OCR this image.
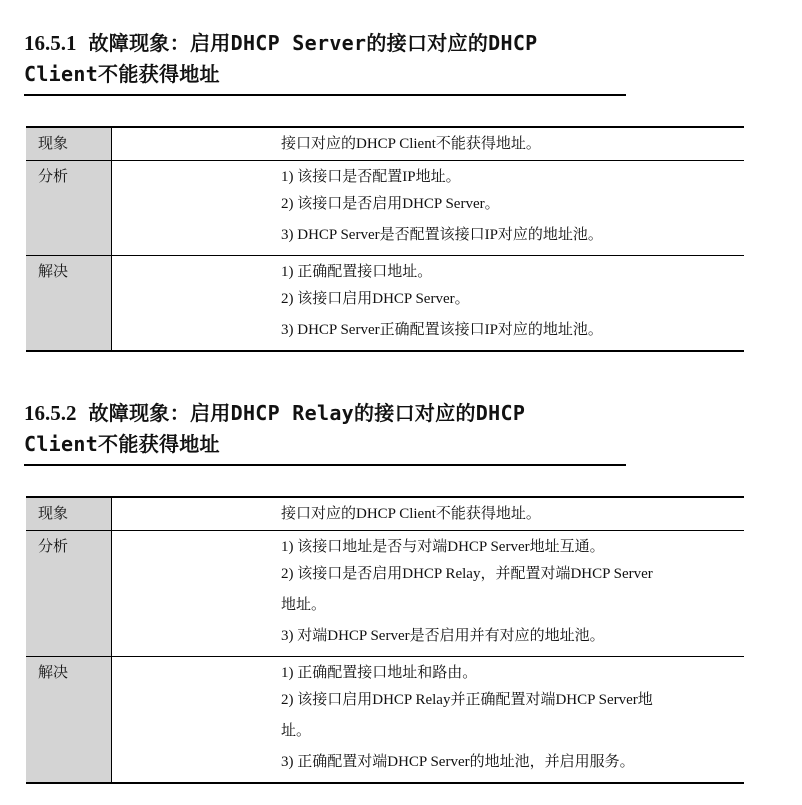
16.5.1 故障现象：启用DHCP Server的接口对应的DHCP
Client不能获得地址
现象	接口对应的DHCP Client不能获得地址。

分析	1) 该接口是否配置IP地址。
2) 该接口是否启用DHCP Server。
3) DHCP Server是否配置该接口IP对应的地址池。

解决	1) 正确配置接口地址。
2) 该接口启用DHCP Server。
3) DHCP Server正确配置该接口IP对应的地址池。
16.5.2 故障现象：启用DHCP Relay的接口对应的DHCP
Client不能获得地址
现象	接口对应的DHCP Client不能获得地址。

分析	1) 该接口地址是否与对端DHCP Server地址互通。
2) 该接口是否启用DHCP Relay，并配置对端DHCP Server
地址。
3) 对端DHCP Server是否启用并有对应的地址池。

解决	1) 正确配置接口地址和路由。
2) 该接口启用DHCP Relay并正确配置对端DHCP Server地
址。
3) 正确配置对端DHCP Server的地址池，并启用服务。
